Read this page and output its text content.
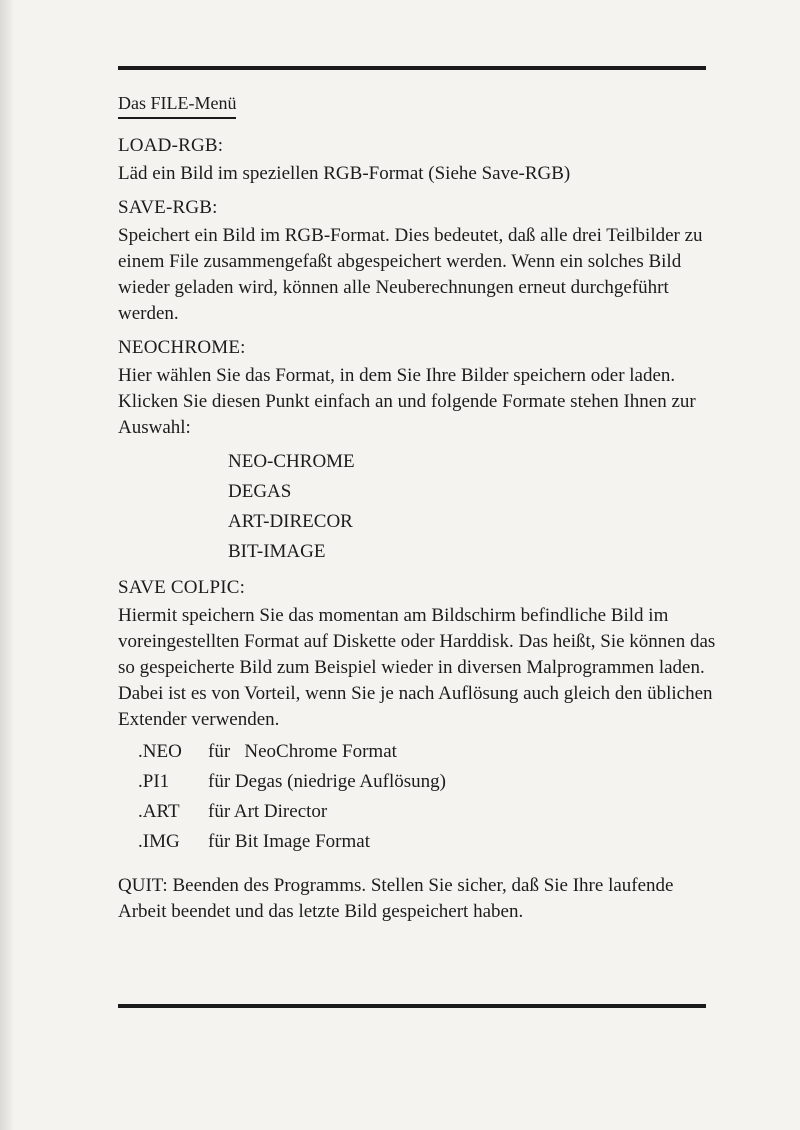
Das FILE-Menü
LOAD-RGB:

Läd ein Bild im speziellen RGB-Format (Siehe Save-RGB)

SAVE-RGB:

Speichert ein Bild im RGB-Format. Dies bedeutet, daß alle drei Teilbilder zu einem File zusammengefaßt abgespeichert werden. Wenn ein solches Bild wieder geladen wird, können alle Neuberechnungen erneut durchgeführt werden.

NEOCHROME:

Hier wählen Sie das Format, in dem Sie Ihre Bilder speichern oder laden. Klicken Sie diesen Punkt einfach an und folgende Formate stehen Ihnen zur Auswahl:

NEO-CHROME
DEGAS
ART-DIRECOR
BIT-IMAGE
SAVE COLPIC:

Hiermit speichern Sie das momentan am Bildschirm befindliche Bild im voreingestellten Format auf Diskette oder Harddisk. Das heißt, Sie können das so gespeicherte Bild zum Beispiel wieder in diversen Malprogrammen laden. Dabei ist es von Vorteil, wenn Sie je nach Auflösung auch gleich den üblichen Extender verwenden.

.NEO	für   NeoChrome Format
.PI1	für Degas (niedrige Auflösung)
.ART	für Art Director
.IMG	für Bit Image Format

QUIT: Beenden des Programms. Stellen Sie sicher, daß Sie Ihre laufende Arbeit beendet und das letzte Bild gespeichert haben.
